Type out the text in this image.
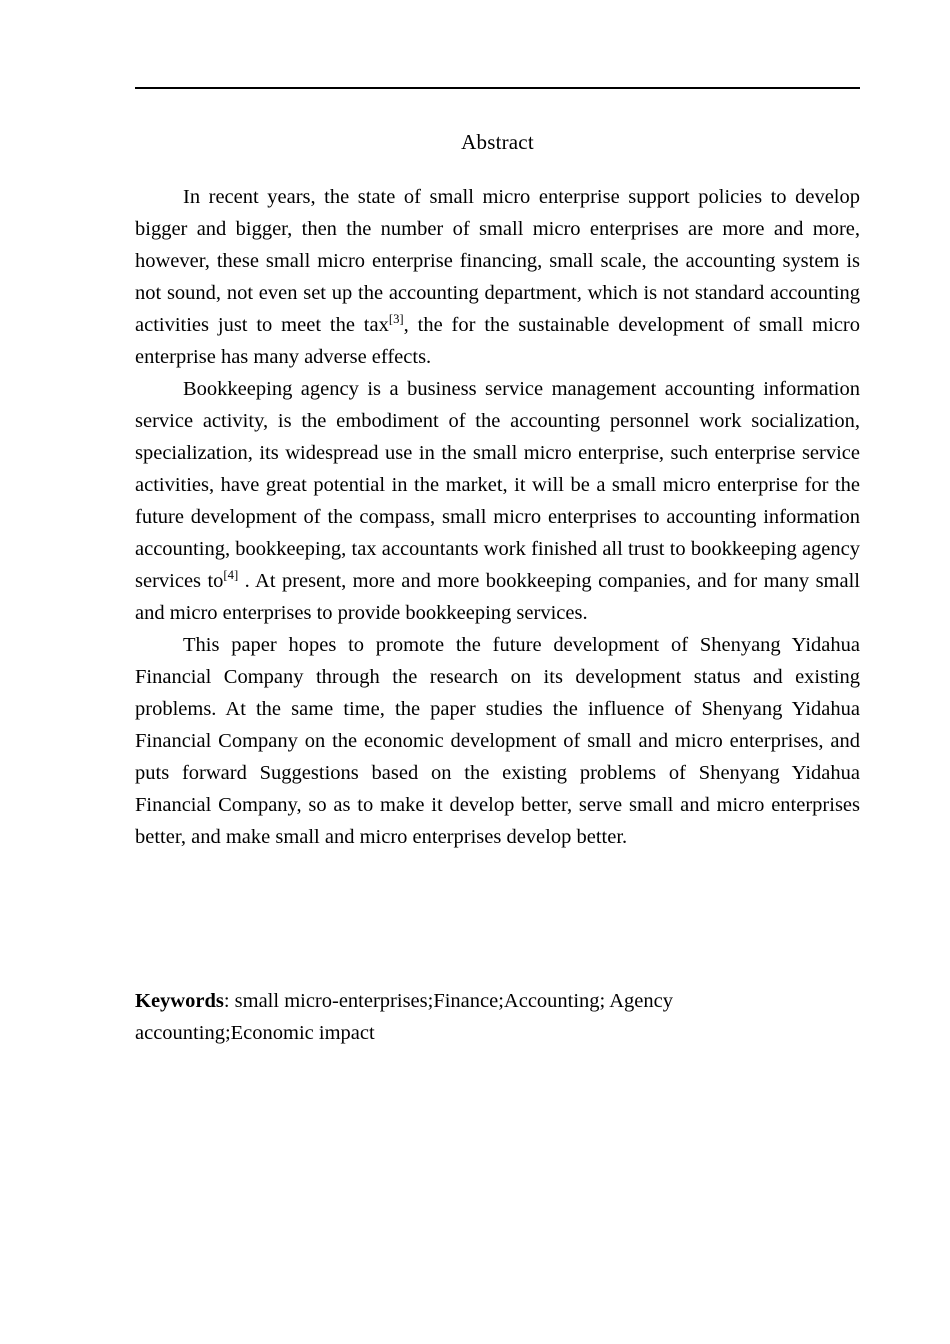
Abstract

In recent years, the state of small micro enterprise support policies to develop bigger and bigger, then the number of small micro enterprises are more and more, however, these small micro enterprise financing, small scale, the accounting system is not sound, not even set up the accounting department, which is not standard accounting activities just to meet the tax[3], the for the sustainable development of small micro enterprise has many adverse effects.

Bookkeeping agency is a business service management accounting information service activity, is the embodiment of the accounting personnel work socialization, specialization, its widespread use in the small micro enterprise, such enterprise service activities, have great potential in the market, it will be a small micro enterprise for the future development of the compass, small micro enterprises to accounting information accounting, bookkeeping, tax accountants work finished all trust to bookkeeping agency services to[4] . At present, more and more bookkeeping companies, and for many small and micro enterprises to provide bookkeeping services.

This paper hopes to promote the future development of Shenyang Yidahua Financial Company through the research on its development status and existing problems. At the same time, the paper studies the influence of Shenyang Yidahua Financial Company on the economic development of small and micro enterprises, and puts forward Suggestions based on the existing problems of Shenyang Yidahua Financial Company, so as to make it develop better, serve small and micro enterprises better, and make small and micro enterprises develop better.

Keywords: small micro-enterprises;Finance;Accounting; Agency accounting;Economic impact
